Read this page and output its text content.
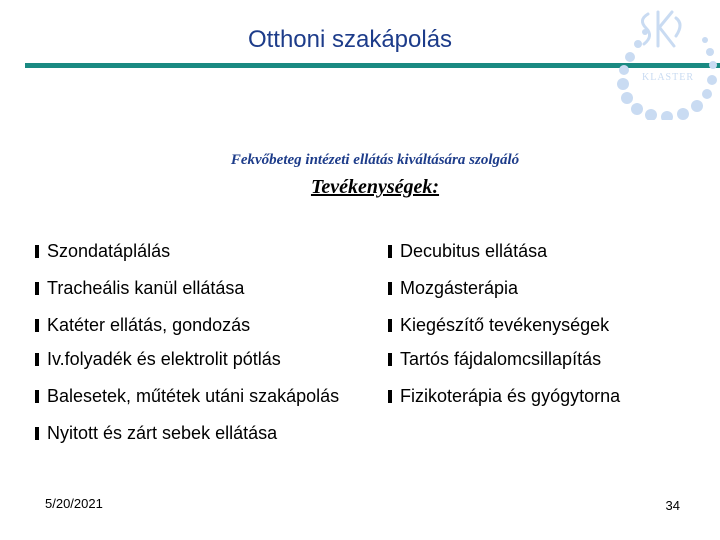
Otthoni szakápolás
KLASTER
Fekvőbeteg intézeti ellátás kiváltására szolgáló
Tevékenységek:
Szondatáplálás
Tracheális kanül ellátása
Katéter ellátás, gondozás
Iv.folyadék és elektrolit pótlás
Balesetek, műtétek utáni szakápolás
Nyitott és zárt sebek ellátása
Decubitus ellátása
Mozgásterápia
Kiegészítő tevékenységek
Tartós fájdalomcsillapítás
Fizikoterápia és gyógytorna
5/20/2021	34
